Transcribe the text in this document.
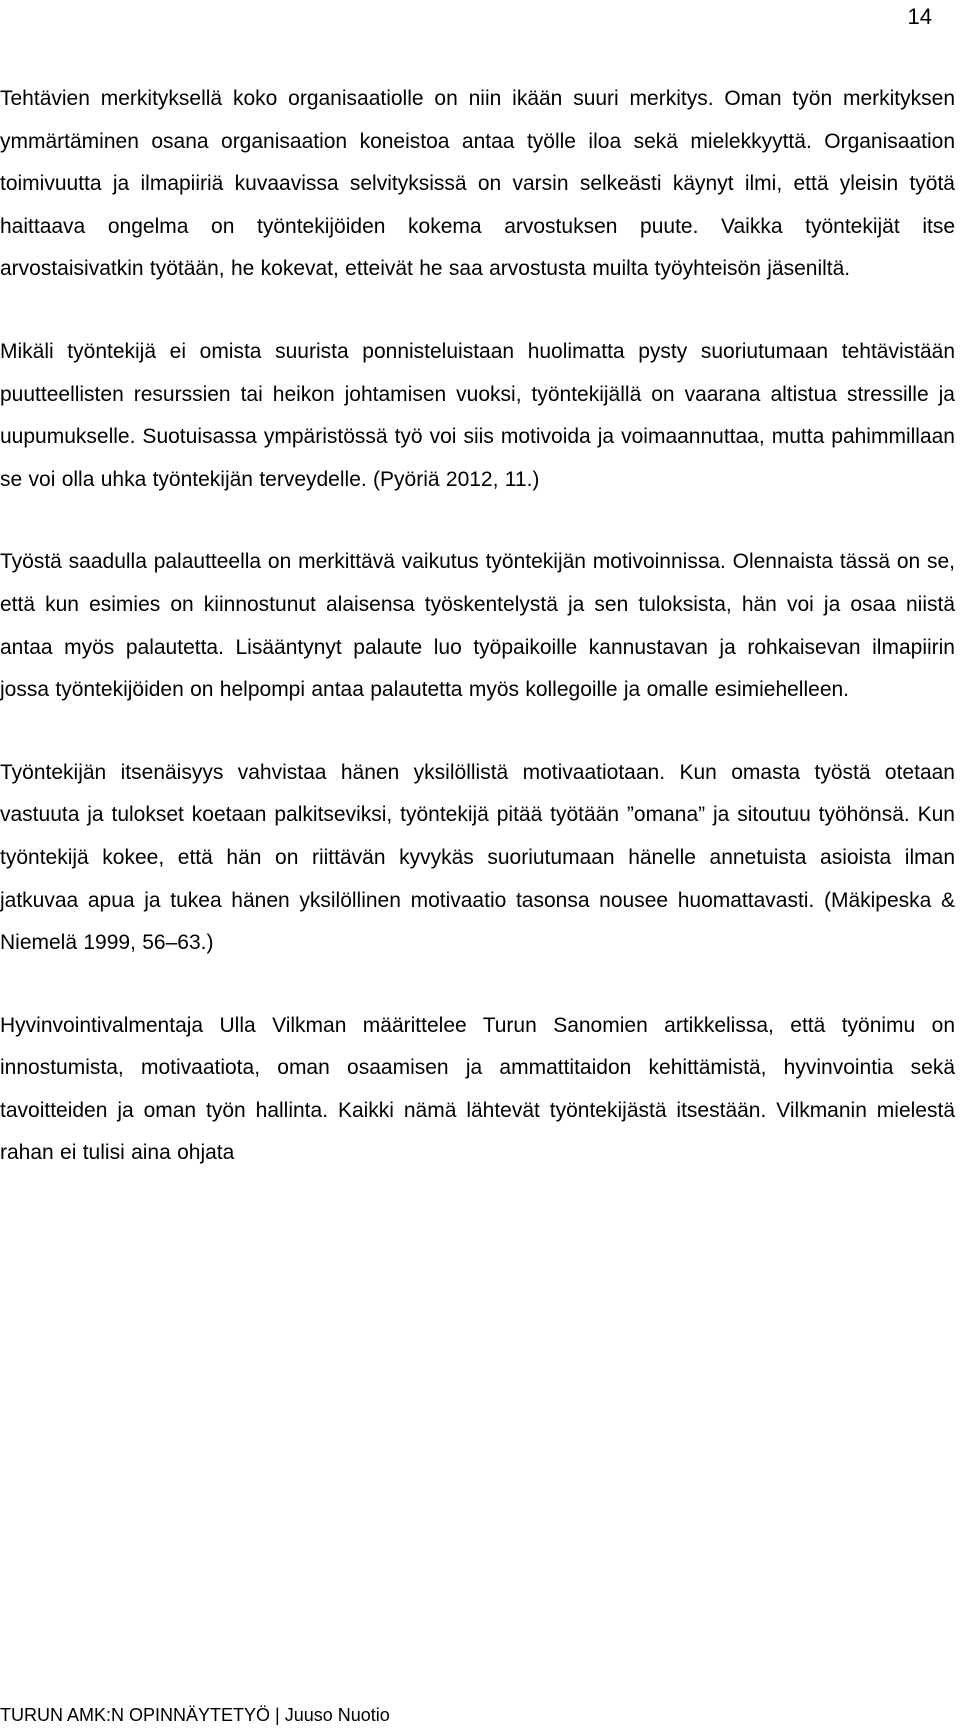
14

Tehtävien merkityksellä koko organisaatiolle on niin ikään suuri merkitys. Oman työn merkityksen ymmärtäminen osana organisaation koneistoa antaa työlle iloa sekä mielekkyyttä. Organisaation toimivuutta ja ilmapiiriä kuvaavissa selvityksissä on varsin selkeästi käynyt ilmi, että yleisin työtä haittaava ongelma on työntekijöiden kokema arvostuksen puute. Vaikka työntekijät itse arvostaisivatkin työtään, he kokevat, etteivät he saa arvostusta muilta työyhteisön jäseniltä.

Mikäli työntekijä ei omista suurista ponnisteluistaan huolimatta pysty suoriutumaan tehtävistään puutteellisten resurssien tai heikon johtamisen vuoksi, työntekijällä on vaarana altistua stressille ja uupumukselle. Suotuisassa ympäristössä työ voi siis motivoida ja voimaannuttaa, mutta pahimmillaan se voi olla uhka työntekijän terveydelle. (Pyöriä 2012, 11.)

Työstä saadulla palautteella on merkittävä vaikutus työntekijän motivoinnissa. Olennaista tässä on se, että kun esimies on kiinnostunut alaisensa työskentelystä ja sen tuloksista, hän voi ja osaa niistä antaa myös palautetta. Lisääntynyt palaute luo työpaikoille kannustavan ja rohkaisevan ilmapiirin jossa työntekijöiden on helpompi antaa palautetta myös kollegoille ja omalle esimiehelleen.

Työntekijän itsenäisyys vahvistaa hänen yksilöllistä motivaatiotaan. Kun omasta työstä otetaan vastuuta ja tulokset koetaan palkitseviksi, työntekijä pitää työtään ”omana” ja sitoutuu työhönsä. Kun työntekijä kokee, että hän on riittävän kyvykäs suoriutumaan hänelle annetuista asioista ilman jatkuvaa apua ja tukea hänen yksilöllinen motivaatio tasonsa nousee huomattavasti. (Mäkipeska & Niemelä 1999, 56–63.)

Hyvinvointivalmentaja Ulla Vilkman määrittelee Turun Sanomien artikkelissa, että työnimu on innostumista, motivaatiota, oman osaamisen ja ammattitaidon kehittämistä, hyvinvointia sekä tavoitteiden ja oman työn hallinta. Kaikki nämä lähtevät työntekijästä itsestään. Vilkmanin mielestä rahan ei tulisi aina ohjata

TURUN AMK:N OPINNÄYTETYÖ | Juuso Nuotio
